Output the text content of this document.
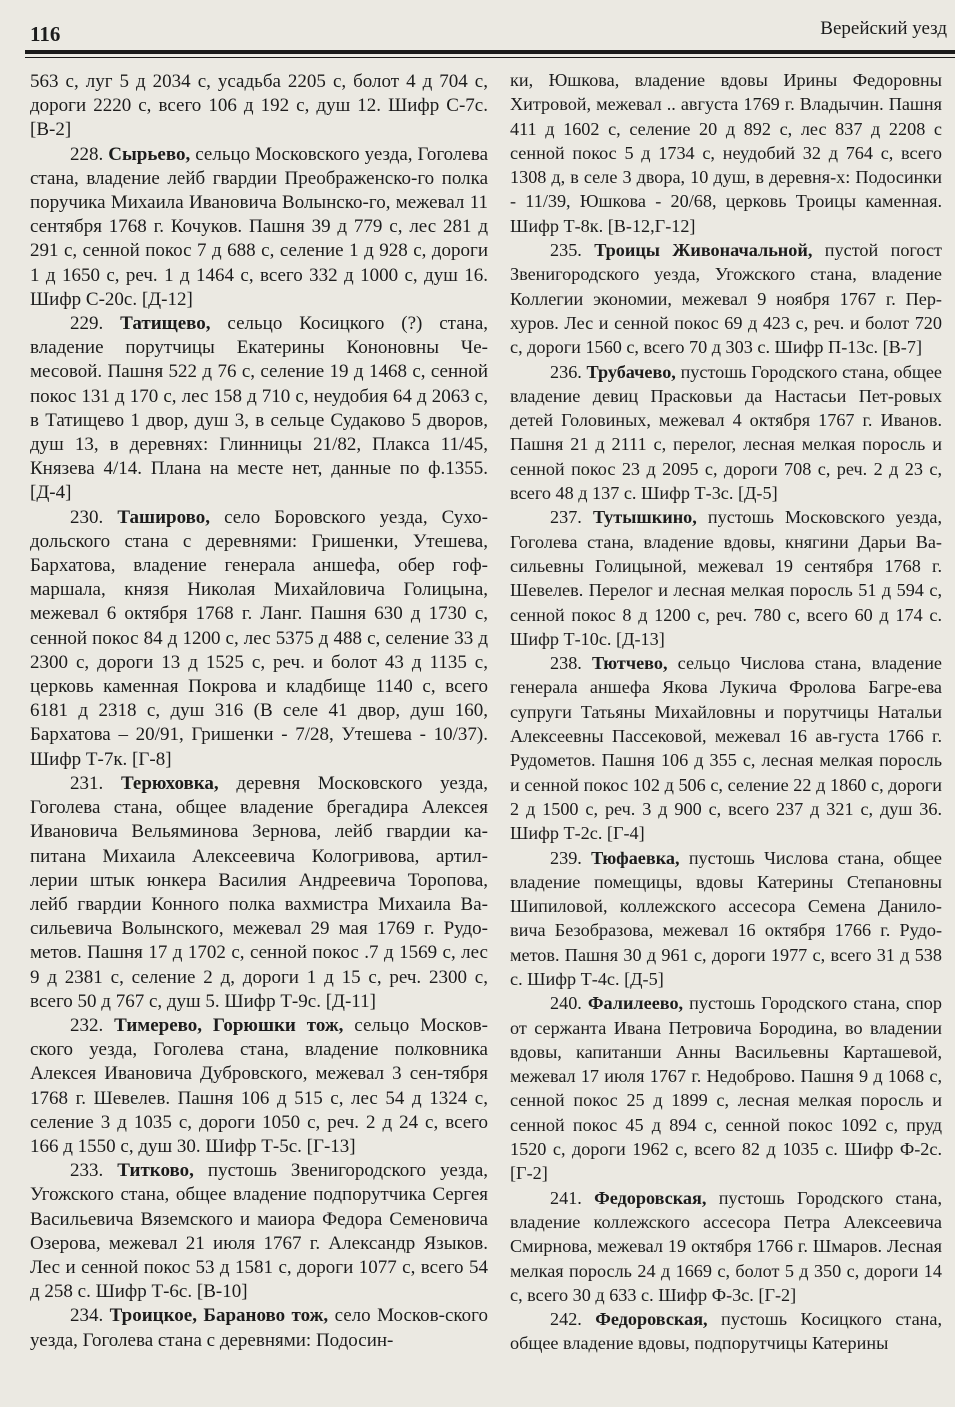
116	Верейский уезд

563 с, луг 5 д 2034 с, усадьба 2205 с, болот 4 д 704 с, дороги 2220 с, всего 106 д 192 с, душ 12. Шифр С-7с. [В-2]

228. Сырьево, сельцо Московского уезда, Гоголева стана, владение лейб гвардии Преображенско-го полка поручика Михаила Ивановича Волынско-го, межевал 11 сентября 1768 г. Кочуков. Пашня 39 д 779 с, лес 281 д 291 с, сенной покос 7 д 688 с, селение 1 д 928 с, дороги 1 д 1650 с, реч. 1 д 1464 с, всего 332 д 1000 с, душ 16. Шифр С-20с. [Д-12]

229. Татищево, сельцо Косицкого (?) стана, владение порутчицы Екатерины Кононовны Че-месовой. Пашня 522 д 76 с, селение 19 д 1468 с, сенной покос 131 д 170 с, лес 158 д 710 с, неудобия 64 д 2063 с, в Татищево 1 двор, душ 3, в сельце Судаково 5 дворов, душ 13, в деревнях: Глинницы 21/82, Плакса 11/45, Князева 4/14. Плана на месте нет, данные по ф.1355. [Д-4]

230. Таширово, село Боровского уезда, Сухо-дольского стана с деревнями: Гришенки, Утешева, Бархатова, владение генерала аншефа, обер гоф-маршала, князя Николая Михайловича Голицына, межевал 6 октября 1768 г. Ланг. Пашня 630 д 1730 с, сенной покос 84 д 1200 с, лес 5375 д 488 с, селение 33 д 2300 с, дороги 13 д 1525 с, реч. и болот 43 д 1135 с, церковь каменная Покрова и кладбище 1140 с, всего 6181 д 2318 с, душ 316 (В селе 41 двор, душ 160, Бархатова – 20/91, Гришенки - 7/28, Утешева - 10/37). Шифр Т-7к. [Г-8]

231. Терюховка, деревня Московского уезда, Гоголева стана, общее владение брегадира Алексея Ивановича Вельяминова Зернова, лейб гвардии ка-питана Михаила Алексеевича Кологривова, артил-лерии штык юнкера Василия Андреевича Торопова, лейб гвардии Конного полка вахмистра Михаила Ва-сильевича Волынского, межевал 29 мая 1769 г. Рудо-метов. Пашня 17 д 1702 с, сенной покос .7 д 1569 с, лес 9 д 2381 с, селение 2 д, дороги 1 д 15 с, реч. 2300 с, всего 50 д 767 с, душ 5. Шифр Т-9с. [Д-11]

232. Тимерево, Горюшки тож, сельцо Москов-ского уезда, Гоголева стана, владение полковника Алексея Ивановича Дубровского, межевал 3 сен-тября 1768 г. Шевелев. Пашня 106 д 515 с, лес 54 д 1324 с, селение 3 д 1035 с, дороги 1050 с, реч. 2 д 24 с, всего 166 д 1550 с, душ 30. Шифр Т-5с. [Г-13]

233. Титково, пустошь Звенигородского уезда, Угожского стана, общее владение подпорутчика Сергея Васильевича Вяземского и маиора Федора Семеновича Озерова, межевал 21 июля 1767 г. Александр Языков. Лес и сенной покос 53 д 1581 с, дороги 1077 с, всего 54 д 258 с. Шифр Т-6с. [В-10]

234. Троицкое, Бараново тож, село Москов-ского уезда, Гоголева стана с деревнями: Подосин-

ки, Юшкова, владение вдовы Ирины Федоровны Хитровой, межевал .. августа 1769 г. Владычин. Пашня 411 д 1602 с, селение 20 д 892 с, лес 837 д 2208 с сенной покос 5 д 1734 с, неудобий 32 д 764 с, всего 1308 д, в селе 3 двора, 10 душ, в деревня-х: Подосинки - 11/39, Юшкова - 20/68, церковь Троицы каменная. Шифр Т-8к. [В-12,Г-12]

235. Троицы Живоначальной, пустой погост Звенигородского уезда, Угожского стана, владение Коллегии экономии, межевал 9 ноября 1767 г. Пер-хуров. Лес и сенной покос 69 д 423 с, реч. и болот 720 с, дороги 1560 с, всего 70 д 303 с. Шифр П-13с. [В-7]

236. Трубачево, пустошь Городского стана, общее владение девиц Прасковьи да Настасьи Пет-ровых детей Головиных, межевал 4 октября 1767 г. Иванов. Пашня 21 д 2111 с, перелог, лесная мелкая поросль и сенной покос 23 д 2095 с, дороги 708 с, реч. 2 д 23 с, всего 48 д 137 с. Шифр Т-3с. [Д-5]

237. Тутышкино, пустошь Московского уезда, Гоголева стана, владение вдовы, княгини Дарьи Ва-сильевны Голицыной, межевал 19 сентября 1768 г. Шевелев. Перелог и лесная мелкая поросль 51 д 594 с, сенной покос 8 д 1200 с, реч. 780 с, всего 60 д 174 с. Шифр Т-10с. [Д-13]

238. Тютчево, сельцо Числова стана, владение генерала аншефа Якова Лукича Фролова Багре-ева супруги Татьяны Михайловны и порутчицы Натальи Алексеевны Пассековой, межевал 16 ав-густа 1766 г. Рудометов. Пашня 106 д 355 с, лесная мелкая поросль и сенной покос 102 д 506 с, селение 22 д 1860 с, дороги 2 д 1500 с, реч. 3 д 900 с, всего 237 д 321 с, душ 36. Шифр Т-2с. [Г-4]

239. Тюфаевка, пустошь Числова стана, общее владение помещицы, вдовы Катерины Степановны Шипиловой, коллежского ассесора Семена Данило-вича Безобразова, межевал 16 октября 1766 г. Рудо-метов. Пашня 30 д 961 с, дороги 1977 с, всего 31 д 538 с. Шифр Т-4с. [Д-5]

240. Фалилеево, пустошь Городского стана, спор от сержанта Ивана Петровича Бородина, во владении вдовы, капитанши Анны Васильевны Карташевой, межевал 17 июля 1767 г. Недоброво. Пашня 9 д 1068 с, сенной покос 25 д 1899 с, лесная мелкая поросль и сенной покос 45 д 894 с, сенной покос 1092 с, пруд 1520 с, дороги 1962 с, всего 82 д 1035 с. Шифр Ф-2с. [Г-2]

241. Федоровская, пустошь Городского стана, владение коллежского ассесора Петра Алексеевича Смирнова, межевал 19 октября 1766 г. Шмаров. Лесная мелкая поросль 24 д 1669 с, болот 5 д 350 с, дороги 14 с, всего 30 д 633 с. Шифр Ф-3с. [Г-2]

242. Федоровская, пустошь Косицкого стана, общее владение вдовы, подпорутчицы Катерины
